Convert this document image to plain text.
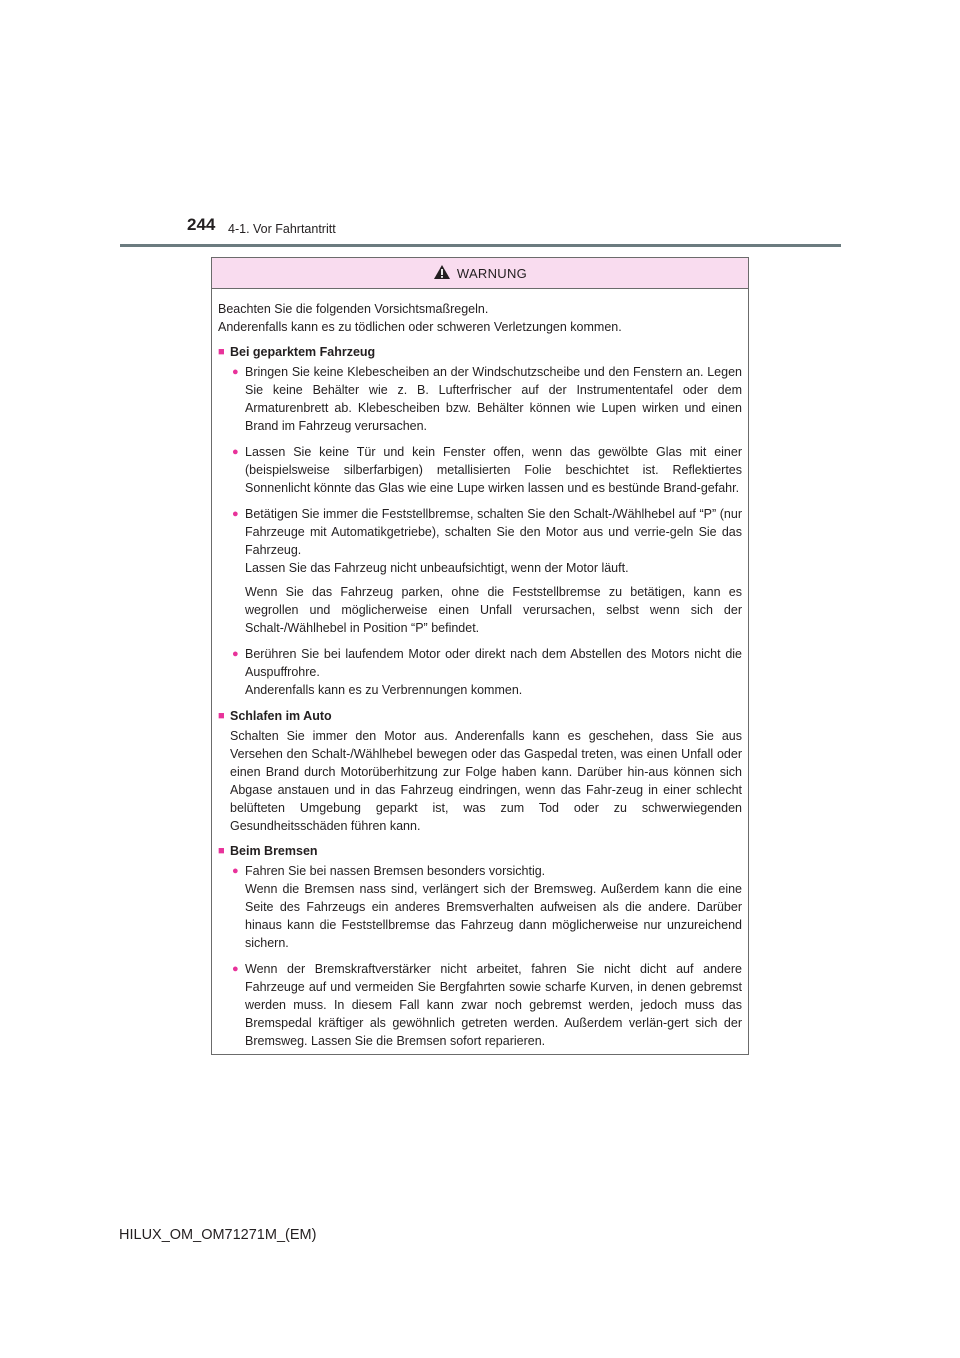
244 4-1. Vor Fahrtantritt
WARNUNG

Beachten Sie die folgenden Vorsichtsmaßregeln.

Anderenfalls kann es zu tödlichen oder schweren Verletzungen kommen.

■ Bei geparktem Fahrzeug
● Bringen Sie keine Klebescheiben an der Windschutzscheibe und den Fenstern an. Legen Sie keine Behälter wie z. B. Lufterfrischer auf der Instrumententafel oder dem Armaturenbrett ab. Klebescheiben bzw. Behälter können wie Lupen wirken und einen Brand im Fahrzeug verursachen.
● Lassen Sie keine Tür und kein Fenster offen, wenn das gewölbte Glas mit einer (beispielsweise silberfarbigen) metallisierten Folie beschichtet ist. Reflektiertes Sonnenlicht könnte das Glas wie eine Lupe wirken lassen und es bestünde Brand-gefahr.
● Betätigen Sie immer die Feststellbremse, schalten Sie den Schalt-/Wählhebel auf “P” (nur Fahrzeuge mit Automatikgetriebe), schalten Sie den Motor aus und verrie-geln Sie das Fahrzeug.

Lassen Sie das Fahrzeug nicht unbeaufsichtigt, wenn der Motor läuft.

Wenn Sie das Fahrzeug parken, ohne die Feststellbremse zu betätigen, kann es wegrollen und möglicherweise einen Unfall verursachen, selbst wenn sich der Schalt-/Wählhebel in Position “P” befindet.

● Berühren Sie bei laufendem Motor oder direkt nach dem Abstellen des Motors nicht die Auspuffrohre.

Anderenfalls kann es zu Verbrennungen kommen.

■ Schlafen im Auto
Schalten Sie immer den Motor aus. Anderenfalls kann es geschehen, dass Sie aus Versehen den Schalt-/Wählhebel bewegen oder das Gaspedal treten, was einen Unfall oder einen Brand durch Motorüberhitzung zur Folge haben kann. Darüber hin-aus können sich Abgase anstauen und in das Fahrzeug eindringen, wenn das Fahr-zeug in einer schlecht belüfteten Umgebung geparkt ist, was zum Tod oder zu schwerwiegenden Gesundheitsschäden führen kann.
■ Beim Bremsen
● Fahren Sie bei nassen Bremsen besonders vorsichtig.

Wenn die Bremsen nass sind, verlängert sich der Bremsweg. Außerdem kann die eine Seite des Fahrzeugs ein anderes Bremsverhalten aufweisen als die andere. Darüber hinaus kann die Feststellbremse das Fahrzeug dann möglicherweise nur unzureichend sichern.

● Wenn der Bremskraftverstärker nicht arbeitet, fahren Sie nicht dicht auf andere Fahrzeuge auf und vermeiden Sie Bergfahrten sowie scharfe Kurven, in denen gebremst werden muss. In diesem Fall kann zwar noch gebremst werden, jedoch muss das Bremspedal kräftiger als gewöhnlich getreten werden. Außerdem verlän-gert sich der Bremsweg. Lassen Sie die Bremsen sofort reparieren.
HILUX_OM_OM71271M_(EM)
